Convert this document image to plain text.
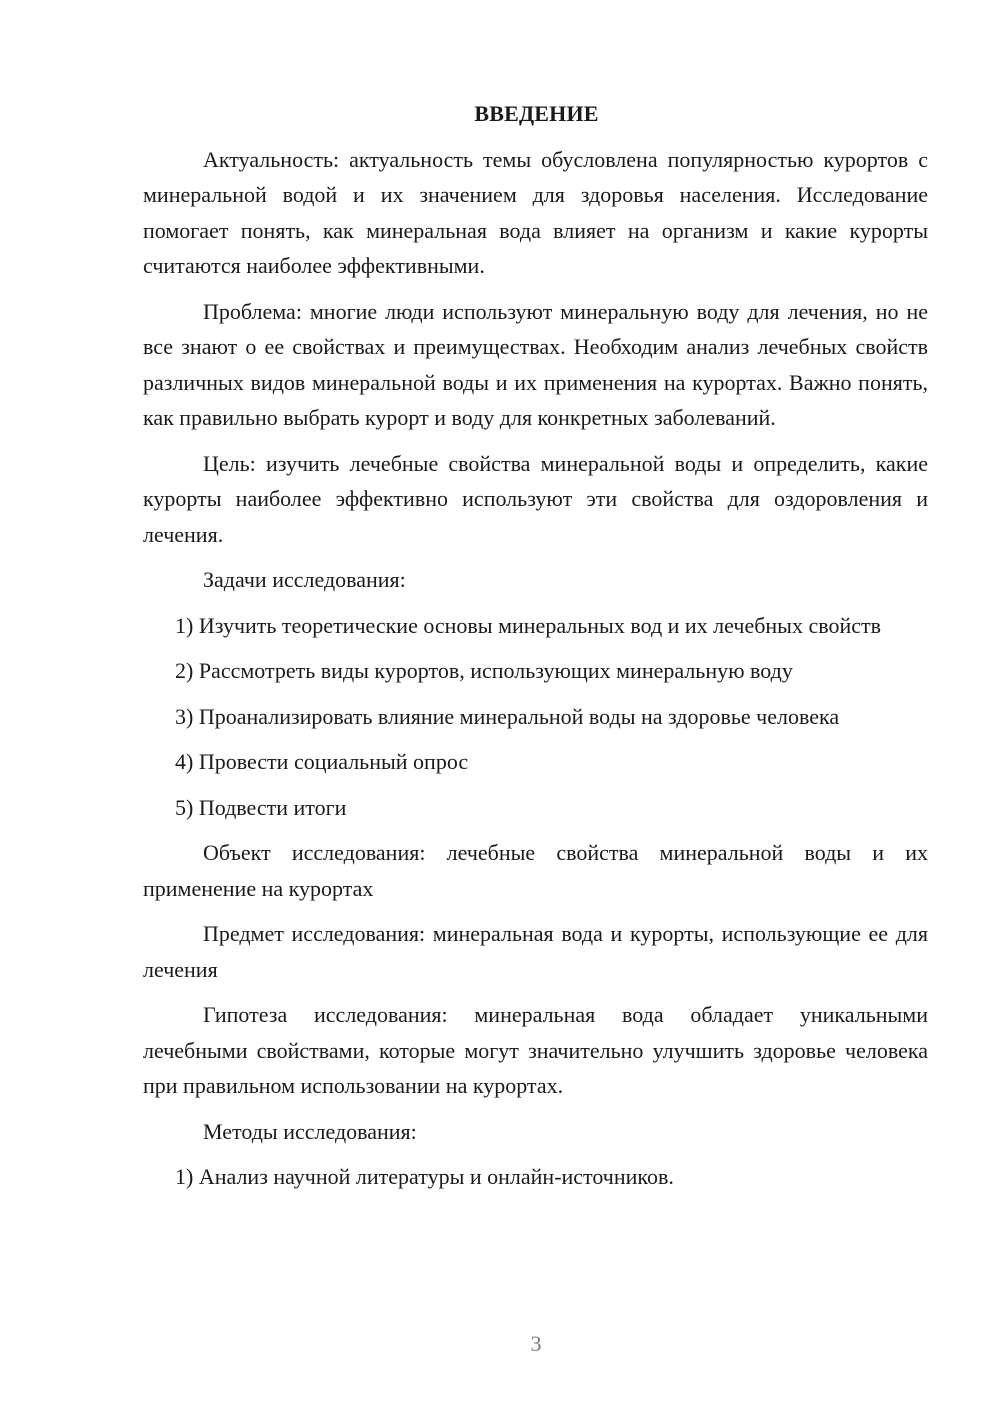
ВВЕДЕНИЕ

Актуальность: актуальность темы обусловлена популярностью курортов с минеральной водой и их значением для здоровья населения. Исследование помогает понять, как минеральная вода влияет на организм и какие курорты считаются наиболее эффективными.

Проблема: многие люди используют минеральную воду для лечения, но не все знают о ее свойствах и преимуществах. Необходим анализ лечебных свойств различных видов минеральной воды и их применения на курортах. Важно понять, как правильно выбрать курорт и воду для конкретных заболеваний.

Цель: изучить лечебные свойства минеральной воды и определить, какие курорты наиболее эффективно используют эти свойства для оздоровления и лечения.

Задачи исследования:

1) Изучить теоретические основы минеральных вод и их лечебных свойств

2) Рассмотреть виды курортов, использующих минеральную воду

3) Проанализировать влияние минеральной воды на здоровье человека

4) Провести социальный опрос

5) Подвести итоги

Объект исследования: лечебные свойства минеральной воды и их применение на курортах

Предмет исследования: минеральная вода и курорты, использующие ее для лечения

Гипотеза исследования: минеральная вода обладает уникальными лечебными свойствами, которые могут значительно улучшить здоровье человека при правильном использовании на курортах.

Методы исследования:

1) Анализ научной литературы и онлайн-источников.

3
